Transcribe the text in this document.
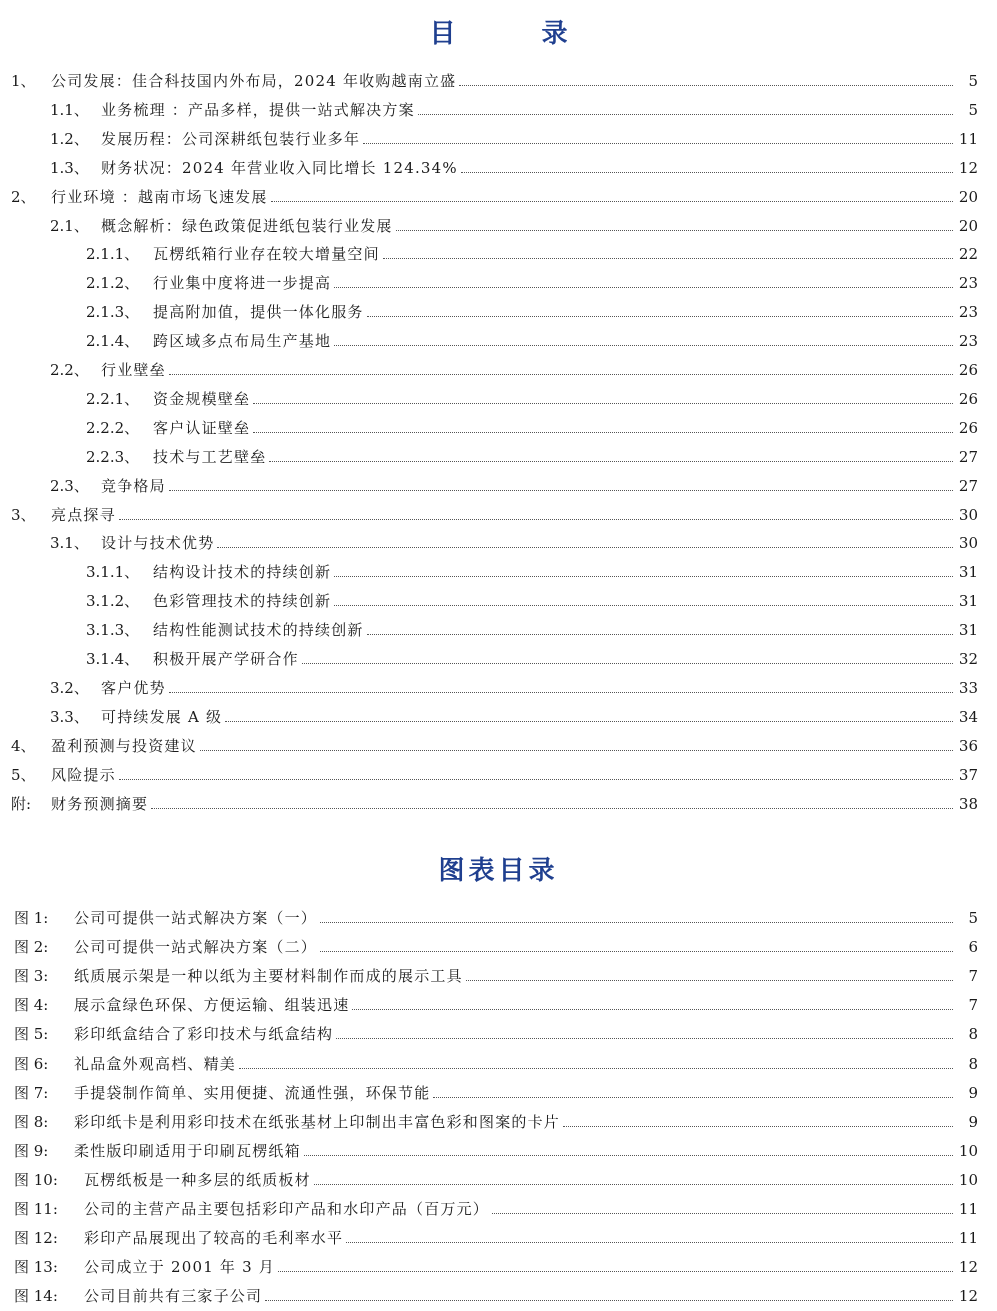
目　录
1、	公司发展：佳合科技国内外布局，2024 年收购越南立盛	5
1.1、 业务梳理 ：产品多样，提供一站式解决方案	5
1.2、 发展历程：公司深耕纸包装行业多年	11
1.3、 财务状况：2024 年营业收入同比增长 124.34%	12
2、	行业环境 ：越南市场飞速发展	20
2.1、 概念解析：绿色政策促进纸包装行业发展	20
2.1.1、 瓦楞纸箱行业存在较大增量空间	22
2.1.2、 行业集中度将进一步提高	23
2.1.3、 提高附加值，提供一体化服务	23
2.1.4、 跨区域多点布局生产基地	23
2.2、 行业壁垒	26
2.2.1、 资金规模壁垒	26
2.2.2、 客户认证壁垒	26
2.2.3、 技术与工艺壁垒	27
2.3、 竞争格局	27
3、	亮点探寻	30
3.1、 设计与技术优势	30
3.1.1、 结构设计技术的持续创新	31
3.1.2、 色彩管理技术的持续创新	31
3.1.3、 结构性能测试技术的持续创新	31
3.1.4、 积极开展产学研合作	32
3.2、 客户优势	33
3.3、 可持续发展 A 级	34
4、	盈利预测与投资建议	36
5、	风险提示	37
附:	财务预测摘要	38
图表目录
图 1:	公司可提供一站式解决方案（一）	5
图 2:	公司可提供一站式解决方案（二）	6
图 3:	纸质展示架是一种以纸为主要材料制作而成的展示工具	7
图 4:	展示盒绿色环保、方便运输、组装迅速	7
图 5:	彩印纸盒结合了彩印技术与纸盒结构	8
图 6:	礼品盒外观高档、精美	8
图 7:	手提袋制作简单、实用便捷、流通性强，环保节能	9
图 8:	彩印纸卡是利用彩印技术在纸张基材上印制出丰富色彩和图案的卡片	9
图 9:	柔性版印刷适用于印刷瓦楞纸箱	10
图 10:	瓦楞纸板是一种多层的纸质板材	10
图 11:	公司的主营产品主要包括彩印产品和水印产品（百万元）	11
图 12:	彩印产品展现出了较高的毛利率水平	11
图 13:	公司成立于 2001 年 3 月	12
图 14:	公司目前共有三家子公司	12
